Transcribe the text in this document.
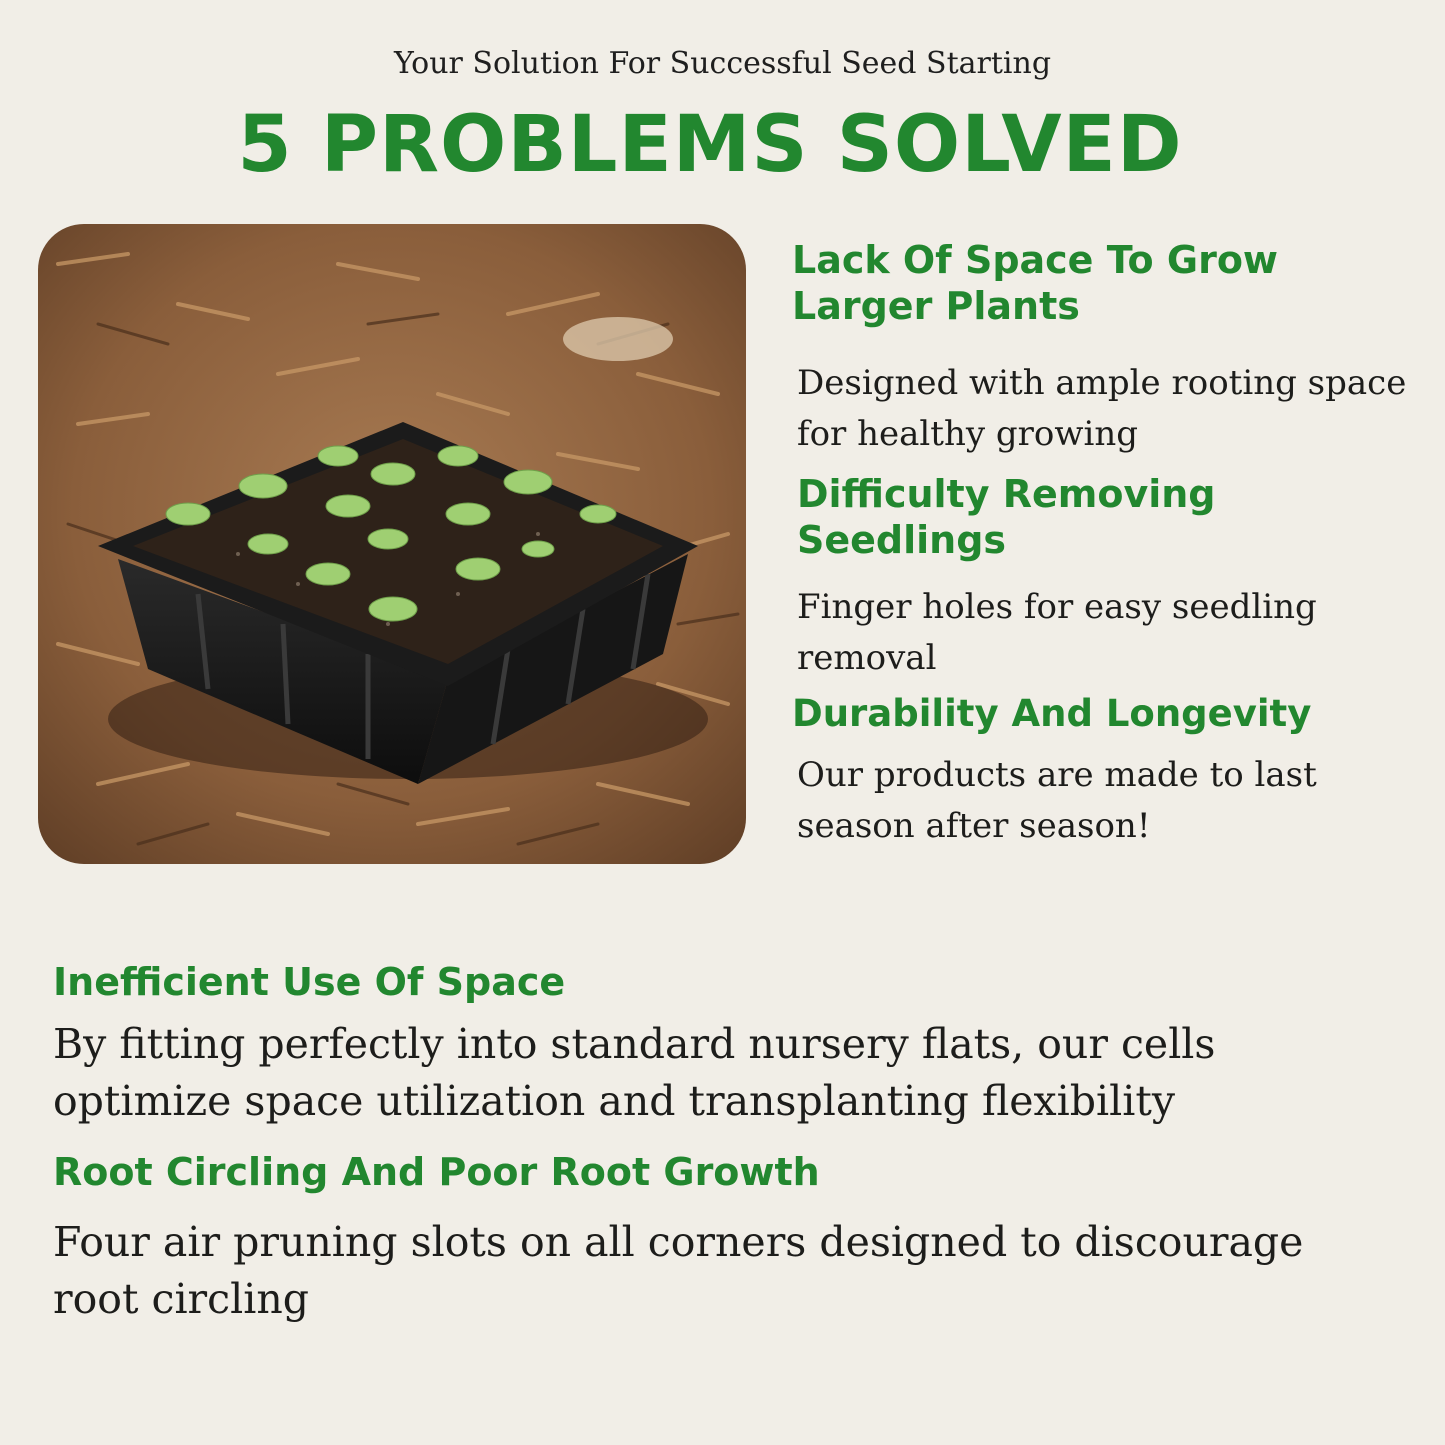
Your Solution For Successful Seed Starting
5 PROBLEMS SOLVED
Lack Of Space To Grow Larger Plants
Designed with ample rooting space for healthy growing
Difficulty Removing Seedlings
Finger holes for easy seedling removal
Durability And Longevity
Our products are made to last season after season!
Inefficient Use Of Space
By fitting perfectly into standard nursery flats, our cells optimize space utilization and transplanting flexibility
Root Circling And Poor Root Growth
Four air pruning slots on all corners designed to discourage root circling
